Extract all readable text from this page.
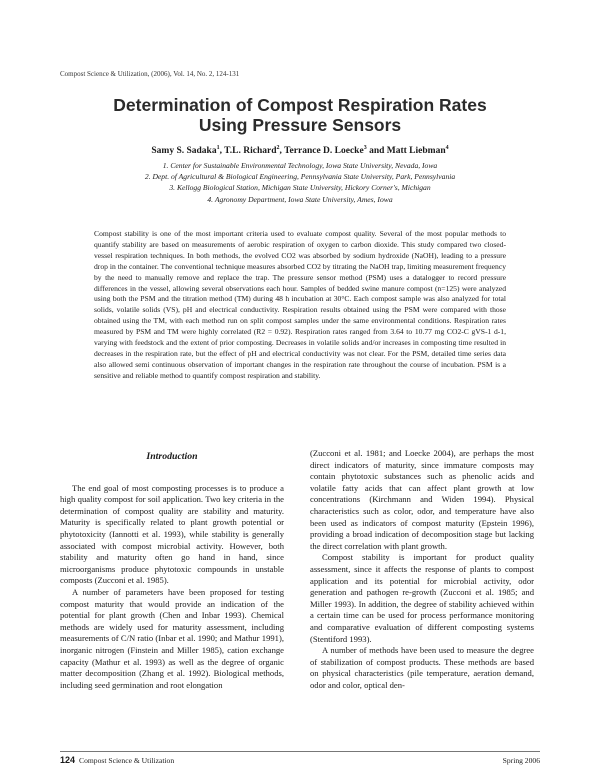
Compost Science & Utilization, (2006), Vol. 14, No. 2, 124-131
Determination of Compost Respiration Rates
Using Pressure Sensors
Samy S. Sadaka$^1$, T.L. Richard$^2$, Terrance D. Loecke$^3$ and Matt Liebman$^4$
1. Center for Sustainable Environmental Technology, Iowa State University, Nevada, Iowa
2. Dept. of Agricultural & Biological Engineering, Pennsylvania State University, Park, Pennsylvania
3. Kellogg Biological Station, Michigan State University, Hickory Corner's, Michigan
4. Agronomy Department, Iowa State University, Ames, Iowa

Compost stability is one of the most important criteria used to evaluate compost quality. Several of the most popular methods to quantify stability are based on measurements of aerobic respiration of oxygen to carbon dioxide. This study compared two closed-vessel respiration techniques. In both methods, the evolved CO2 was absorbed by sodium hydroxide (NaOH), leading to a pressure drop in the container. The conventional technique measures absorbed CO2 by titrating the NaOH trap, limiting measurement frequency by the need to manually remove and replace the trap. The pressure sensor method (PSM) uses a datalogger to record pressure differences in the vessel, allowing several observations each hour. Samples of bedded swine manure compost (n=125) were analyzed using both the PSM and the titration method (TM) during 48 h incubation at 30°C. Each compost sample was also analyzed for total solids, volatile solids (VS), pH and electrical conductivity. Respiration results obtained using the PSM were compared with those obtained using the TM, with each method run on split compost samples under the same environmental conditions. Respiration rates measured by PSM and TM were highly correlated (R2 = 0.92). Respiration rates ranged from 3.64 to 10.77 mg CO2-C gVS-1 d-1, varying with feedstock and the extent of prior composting. Decreases in volatile solids and/or increases in composting time resulted in decreases in the respiration rate, but the effect of pH and electrical conductivity was not clear. For the PSM, detailed time series data also allowed semi continuous observation of important changes in the respiration rate throughout the course of incubation. PSM is a sensitive and reliable method to quantify compost respiration and stability.

Introduction

The end goal of most composting processes is to produce a high quality compost for soil application. Two key criteria in the determination of compost quality are stability and maturity. Maturity is specifically related to plant growth potential or phytotoxicity (Iannotti et al. 1993), while stability is generally associated with compost microbial activity. However, both stability and maturity often go hand in hand, since microorganisms produce phytotoxic compounds in unstable composts (Zucconi et al. 1985).

A number of parameters have been proposed for testing compost maturity that would provide an indication of the potential for plant growth (Chen and Inbar 1993). Chemical methods are widely used for maturity assessment, including measurements of C/N ratio (Inbar et al. 1990; and Mathur 1991), inorganic nitrogen (Finstein and Miller 1985), cation exchange capacity (Mathur et al. 1993) as well as the degree of organic matter decomposition (Zhang et al. 1992). Biological methods, including seed germination and root elongation

(Zucconi et al. 1981; and Loecke 2004), are perhaps the most direct indicators of maturity, since immature composts may contain phytotoxic substances such as phenolic acids and volatile fatty acids that can affect plant growth at low concentrations (Kirchmann and Widen 1994). Physical characteristics such as color, odor, and temperature have also been used as indicators of compost maturity (Epstein 1996), providing a broad indication of decomposition stage but lacking the direct correlation with plant growth.

Compost stability is important for product quality assessment, since it affects the response of plants to compost application and its potential for microbial activity, odor generation and pathogen re-growth (Zucconi et al. 1985; and Miller 1993). In addition, the degree of stability achieved within a certain time can be used for process performance monitoring and comparative evaluation of different composting systems (Stentiford 1993).

A number of methods have been used to measure the degree of stabilization of compost products. These methods are based on physical characteristics (pile temperature, aeration demand, odor and color, optical den-

124 Compost Science & Utilization	Spring 2006
